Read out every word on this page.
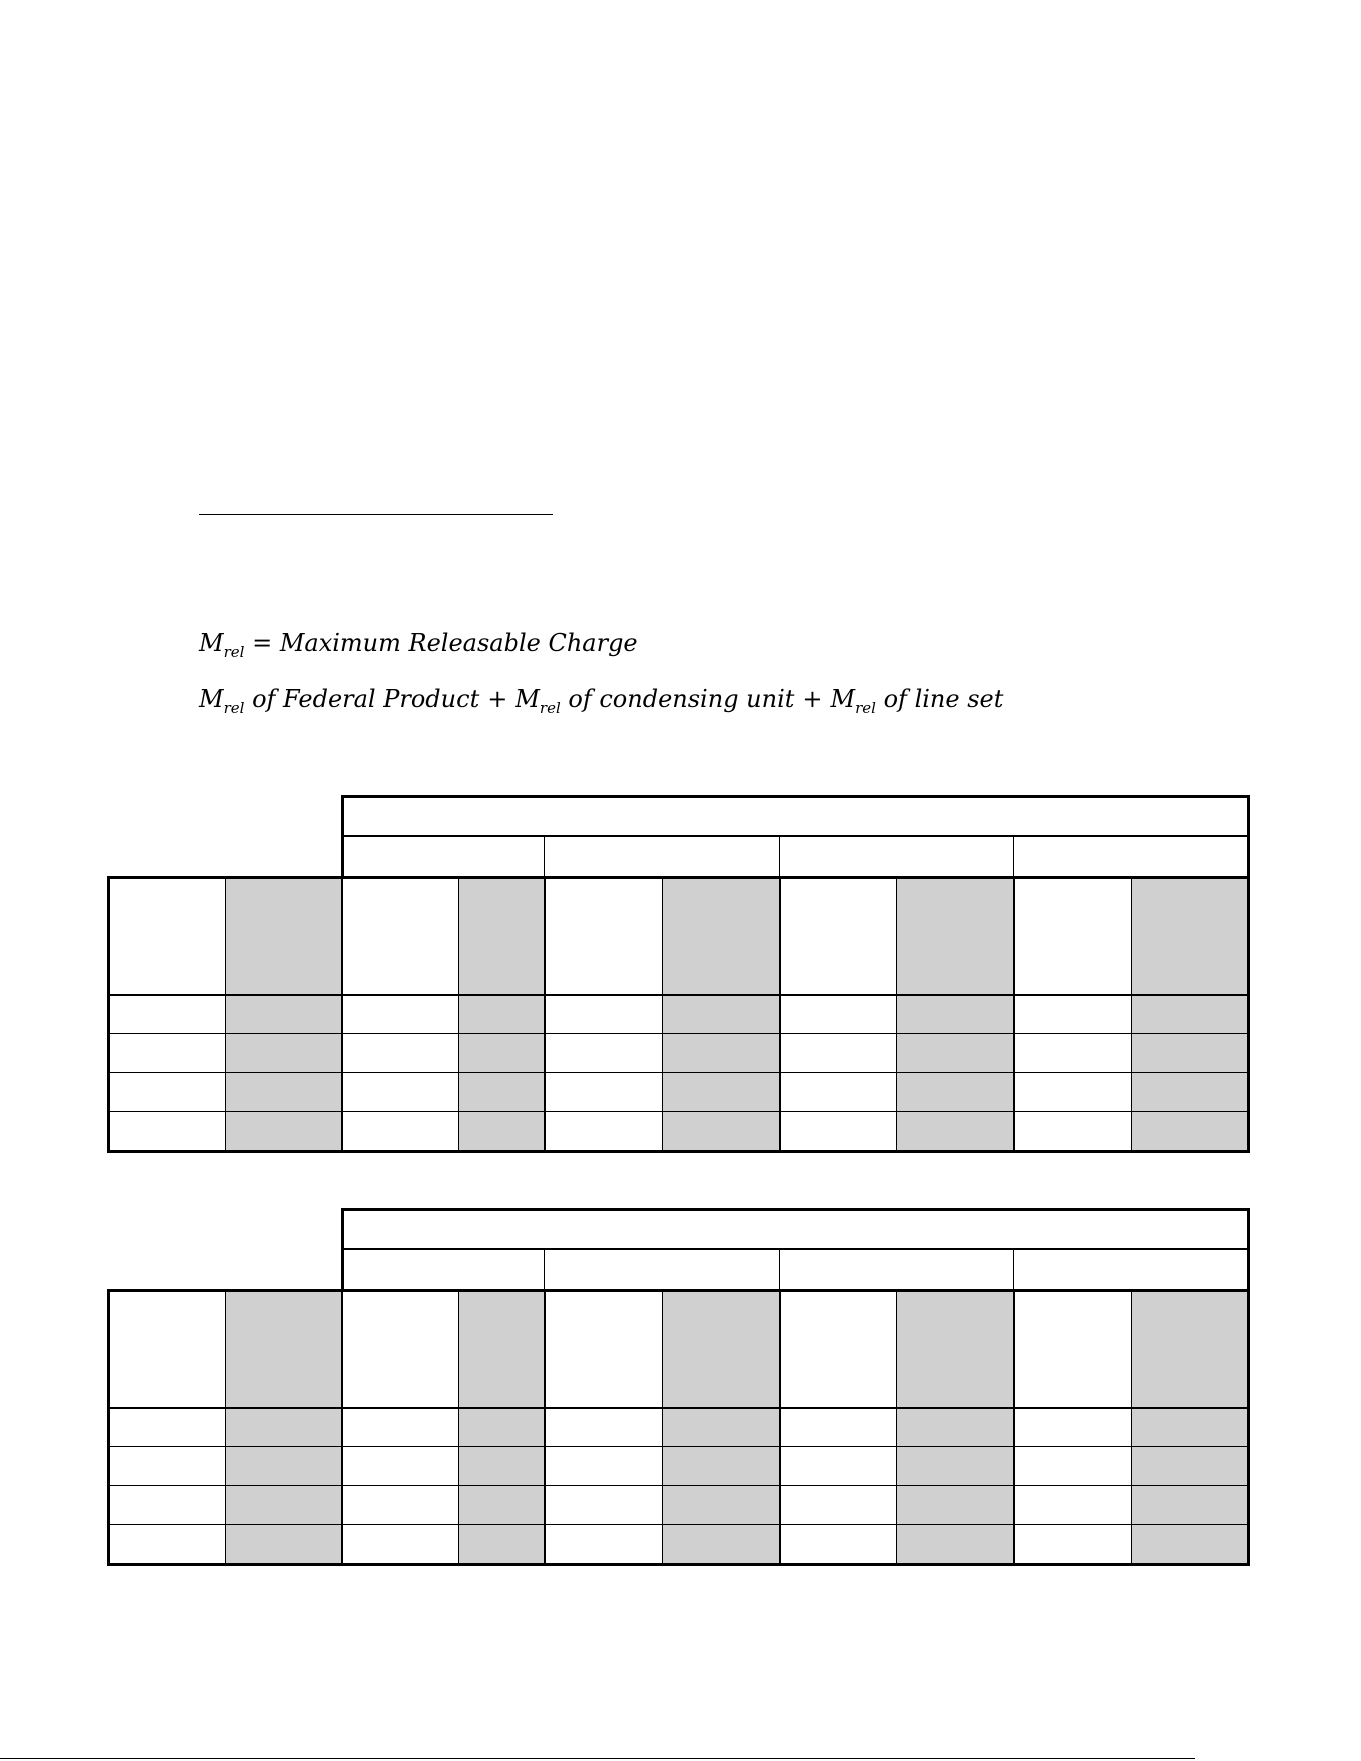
$M_{rel}$ = Maximum Releasable Charge
$M_{rel}$ of Federal Product + $M_{rel}$ of condensing unit + $M_{rel}$ of line set
